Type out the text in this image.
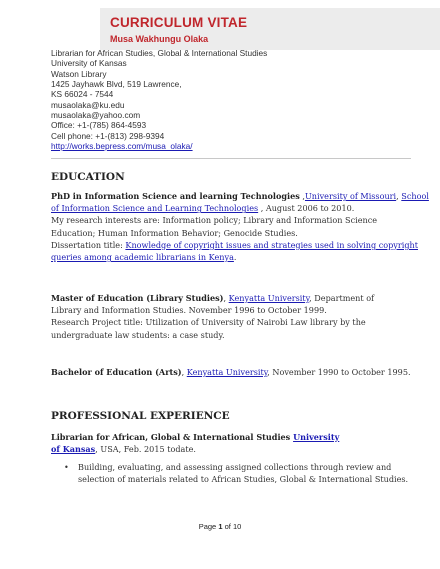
CURRICULUM VITAE
Musa Wakhungu Olaka
Librarian for African Studies, Global & International Studies
University of Kansas
Watson Library
1425 Jayhawk Blvd, 519 Lawrence,
KS 66024 - 7544
musaolaka@ku.edu
musaolaka@yahoo.com
Office: +1-(785) 864-4593
Cell phone: +1-(813) 298-9394
http://works.bepress.com/musa_olaka/
EDUCATION
PhD in Information Science and learning Technologies ,University of Missouri, School
of Information Science and Learning Technologies , August 2006 to 2010.
My research interests are: Information policy; Library and Information Science
Education; Human Information Behavior; Genocide Studies.
Dissertation title: Knowledge of copyright issues and strategies used in solving copyright
queries among academic librarians in Kenya.
Master of Education (Library Studies), Kenyatta University, Department of
Library and Information Studies. November 1996 to October 1999.
Research Project title: Utilization of University of Nairobi Law library by the
undergraduate law students: a case study.
Bachelor of Education (Arts), Kenyatta University, November 1990 to October 1995.
PROFESSIONAL EXPERIENCE
Librarian for African, Global & International Studies University
of Kansas, USA, Feb. 2015 todate.
• Building, evaluating, and assessing assigned collections through review and
selection of materials related to African Studies, Global & International Studies.
Page 1 of 10
